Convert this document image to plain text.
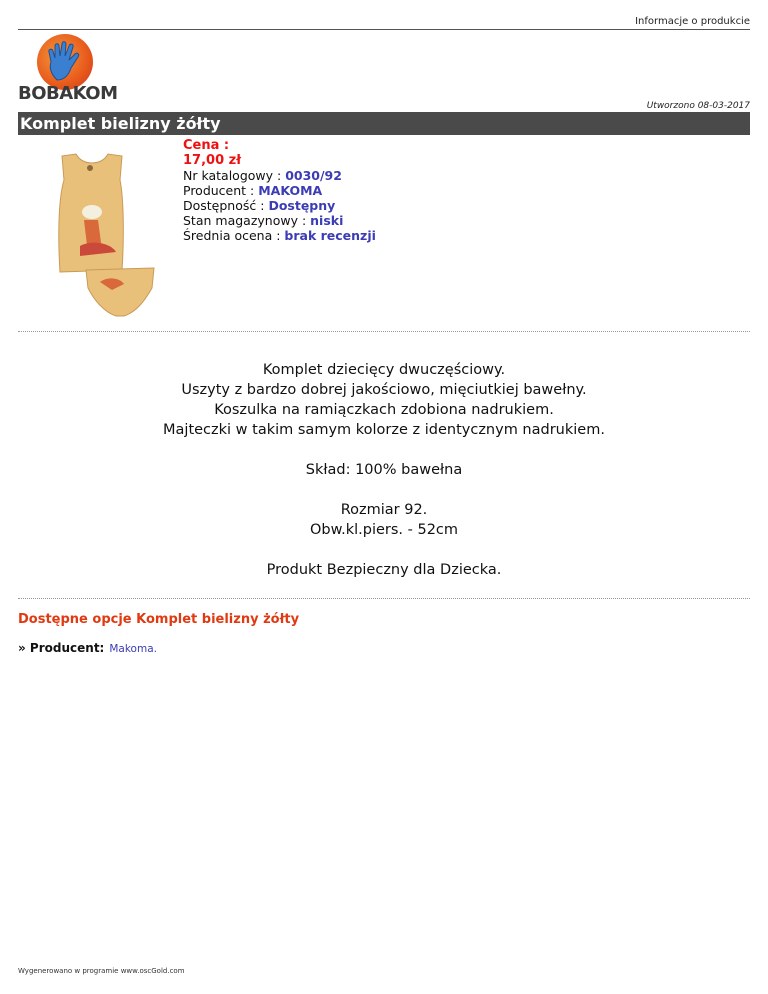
Informacje o produkcie
BOBAKOM
Utworzono 08-03-2017
Komplet bielizny żółty
Cena :
17,00 zł
Nr katalogowy : 0030/92
Producent : MAKOMA
Dostępność : Dostępny
Stan magazynowy : niski
Średnia ocena : brak recenzji

Komplet dziecięcy dwuczęściowy.

Uszyty z bardzo dobrej jakościowo, mięciutkiej bawełny.

Koszulka na ramiączkach zdobiona nadrukiem.

Majteczki w takim samym kolorze z identycznym nadrukiem.

Skład: 100% bawełna

Rozmiar 92.

Obw.kl.piers. - 52cm

Produkt Bezpieczny dla Dziecka.

Dostępne opcje Komplet bielizny żółty
» Producent: Makoma.
Wygenerowano w programie www.oscGold.com
